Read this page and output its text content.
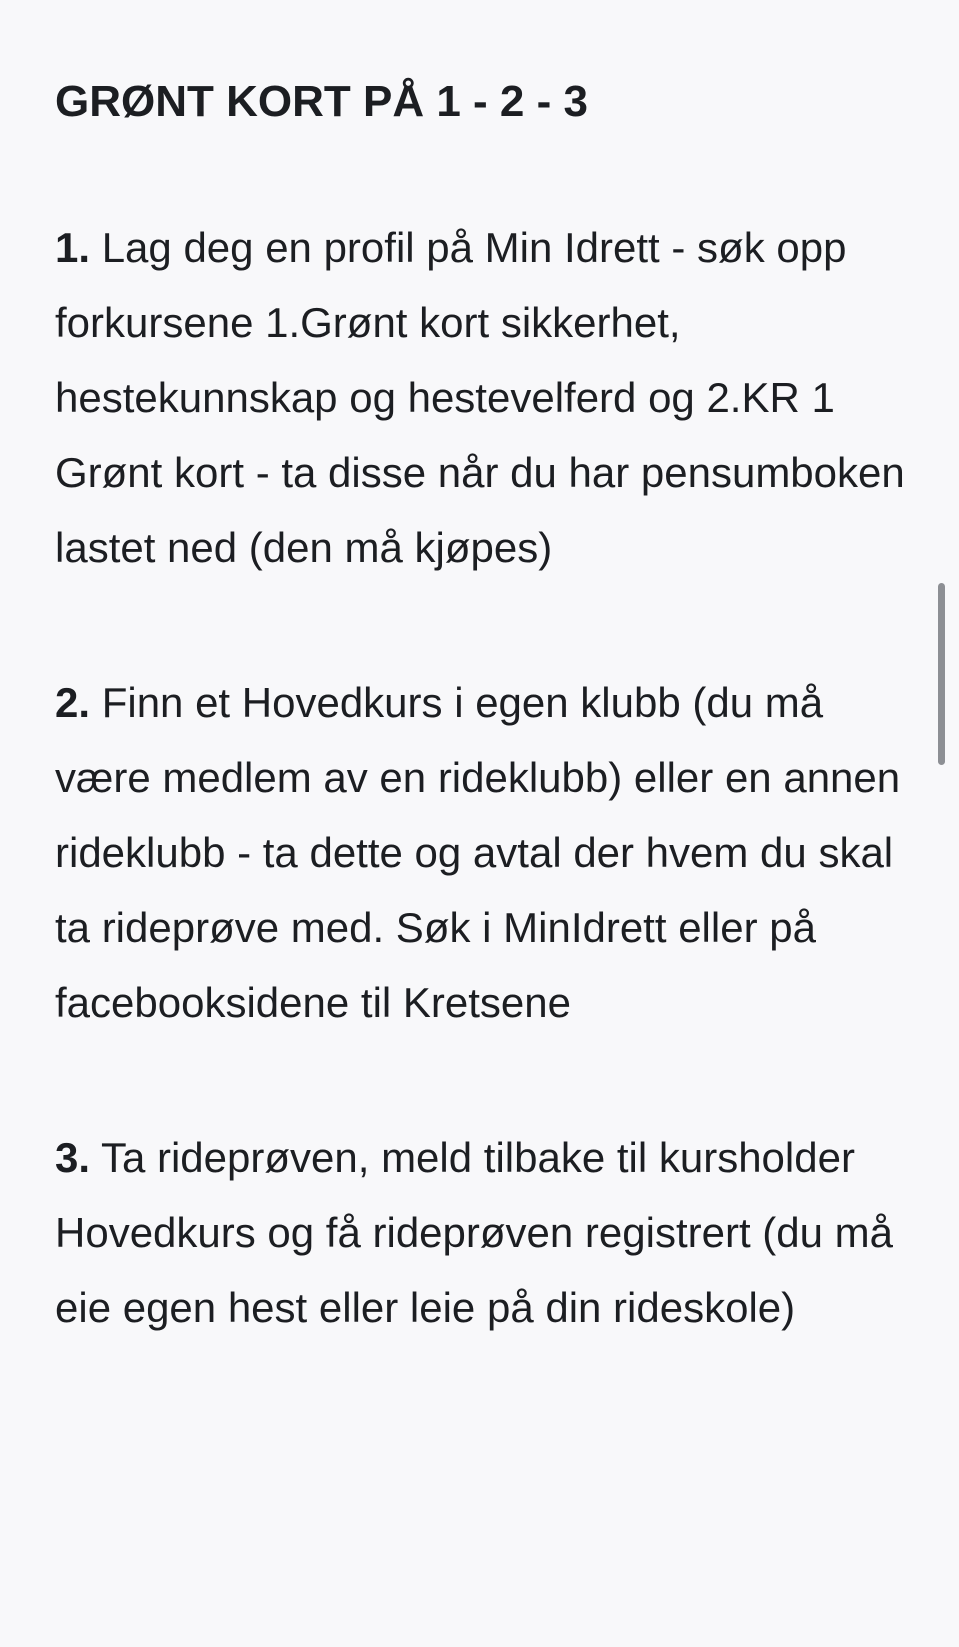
GRØNT KORT PÅ 1 - 2 - 3
1. Lag deg en profil på Min Idrett - søk opp forkursene 1.Grønt kort sikkerhet, hestekunnskap og hestevelferd og 2.KR 1 Grønt kort - ta disse når du har pensumboken lastet ned (den må kjøpes)
2. Finn et Hovedkurs i egen klubb (du må være medlem av en rideklubb) eller en annen rideklubb - ta dette og avtal der hvem du skal ta rideprøve med. Søk i MinIdrett eller på facebooksidene til Kretsene
3. Ta rideprøven, meld tilbake til kursholder Hovedkurs og få rideprøven registrert (du må eie egen hest eller leie på din rideskole)
